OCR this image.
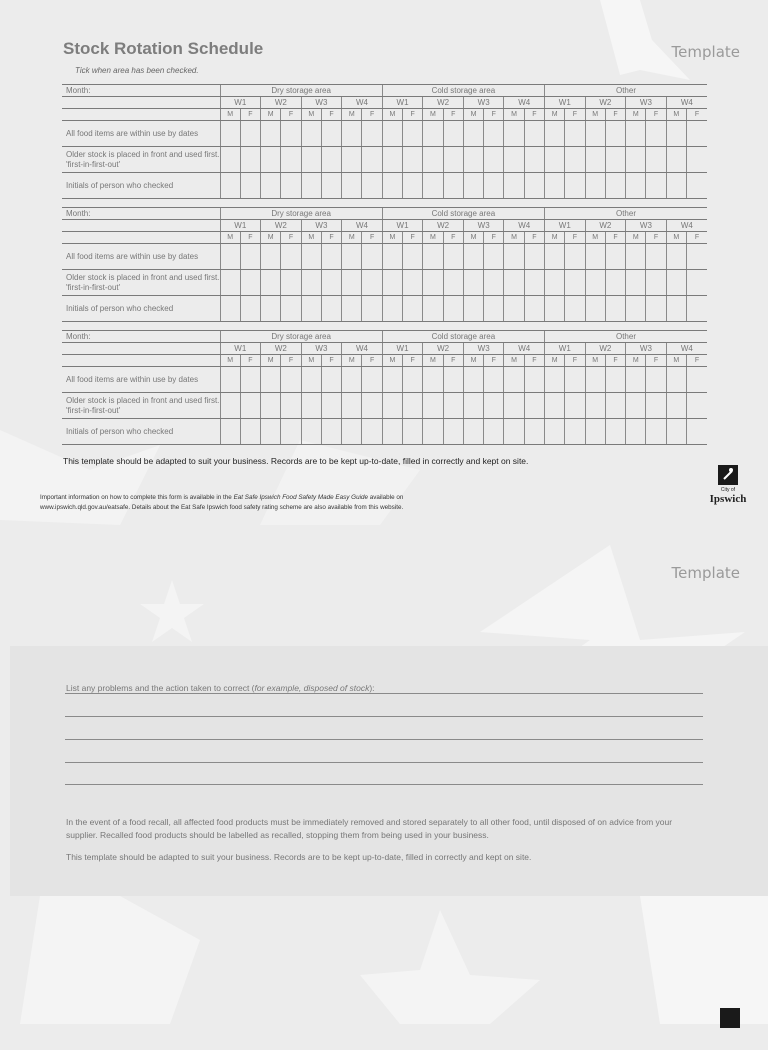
Stock Rotation Schedule	Template
Tick when area has been checked.
Month:	Dry storage area								Cold storage area								Other							
	W1		W2		W3		W4		W1		W2		W3		W4		W1		W2		W3		W4	
	M	F	M	F	M	F	M	F	M	F	M	F	M	F	M	F	M	F	M	F	M	F	M	F
All food items are within use by dates																								
Older stock is placed in front and used first. 'first-in-first-out'																								
Initials of person who checked																								
Month:	Dry storage area								Cold storage area								Other							
	W1		W2		W3		W4		W1		W2		W3		W4		W1		W2		W3		W4	
	M	F	M	F	M	F	M	F	M	F	M	F	M	F	M	F	M	F	M	F	M	F	M	F
All food items are within use by dates																								
Older stock is placed in front and used first. 'first-in-first-out'																								
Initials of person who checked																								
Month:	Dry storage area								Cold storage area								Other							
	W1		W2		W3		W4		W1		W2		W3		W4		W1		W2		W3		W4	
	M	F	M	F	M	F	M	F	M	F	M	F	M	F	M	F	M	F	M	F	M	F	M	F
All food items are within use by dates																								
Older stock is placed in front and used first. 'first-in-first-out'																								
Initials of person who checked																								
This template should be adapted to suit your business. Records are to be kept up-to-date, filled in correctly and kept on site.
Important information on how to complete this form is available in the Eat Safe Ipswich Food Safety Made Easy Guide available on
www.ipswich.qld.gov.au/eatsafe. Details about the Eat Safe Ipswich food safety rating scheme are also available from this website.
City of
Ipswich
Template
List any problems and the action taken to correct (for example, disposed of stock):
In the event of a food recall, all affected food products must be immediately removed and stored separately to all other food, until disposed of on advice from your supplier. Recalled food products should be labelled as recalled, stopping them from being used in your business.
This template should be adapted to suit your business. Records are to be kept up-to-date, filled in correctly and kept on site.
